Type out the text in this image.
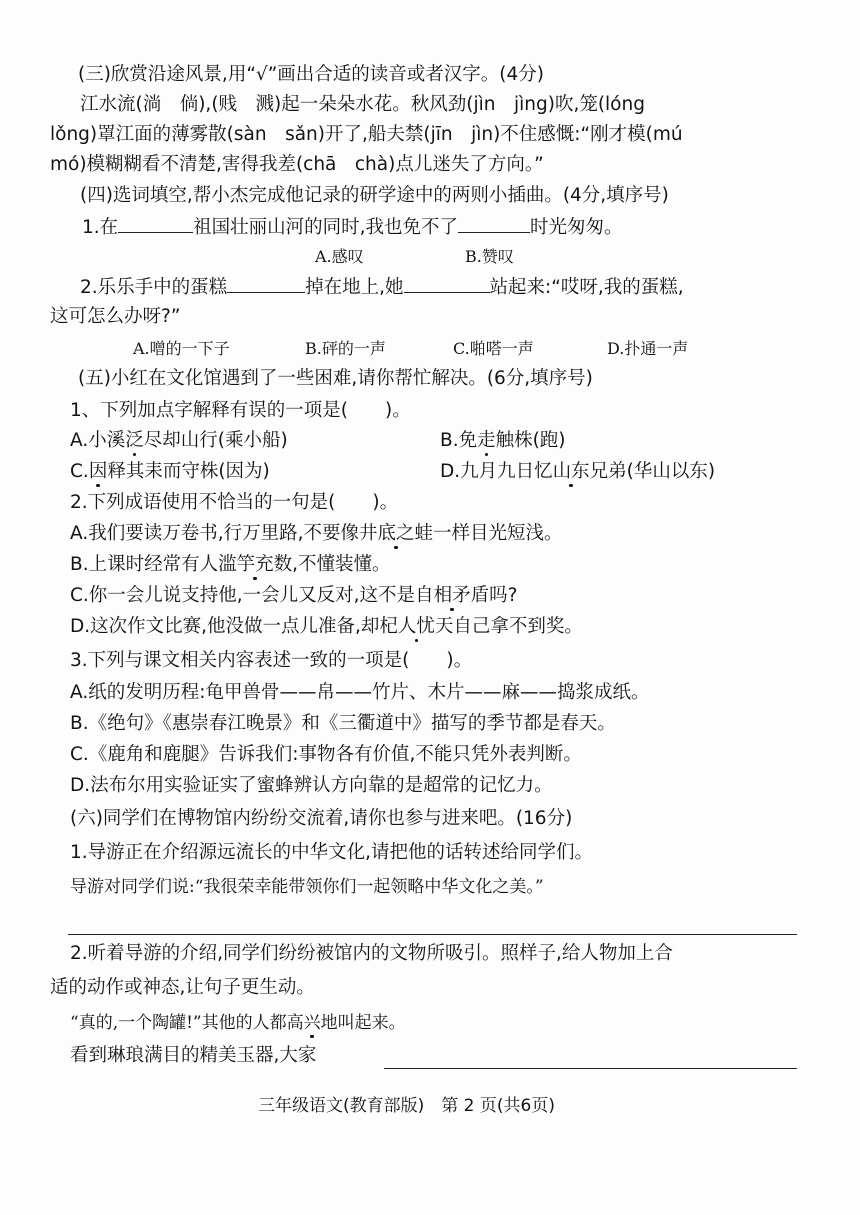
(三)欣赏沿途风景,用“√”画出合适的读音或者汉字。(4分)
江水流(淌　倘),(贱　溅)起一朵朵水花。秋风劲(jìn　jìng)吹,笼(lóng
lǒng)罩江面的薄雾散(sàn　sǎn)开了,船夫禁(jīn　jìn)不住感慨:“刚才模(mú
mó)模糊糊看不清楚,害得我差(chā　chà)点儿迷失了方向。”
(四)选词填空,帮小杰完成他记录的研学途中的两则小插曲。(4分,填序号)
1.在	祖国壮丽山河的同时,我也免不了	时光匆匆。
A.感叹	B.赞叹
2.乐乐手中的蛋糕	掉在地上,她	站起来:“哎呀,我的蛋糕,
这可怎么办呀?”
A.噌的一下子	B.砰的一声	C.啪嗒一声	D.扑通一声
(五)小红在文化馆遇到了一些困难,请你帮忙解决。(6分,填序号)
1、下列加点字解释有误的一项是(　　)。
A.小溪泛尽却山行(乘小船)	B.免走触株(跑)
C.因释其耒而守株(因为)	D.九月九日忆山东兄弟(华山以东)
2.下列成语使用不恰当的一句是(　　)。
A.我们要读万卷书,行万里路,不要像井底之蛙一样目光短浅。
B.上课时经常有人滥竽充数,不懂装懂。
C.你一会儿说支持他,一会儿又反对,这不是自相矛盾吗?
D.这次作文比赛,他没做一点儿准备,却杞人忧天自己拿不到奖。
3.下列与课文相关内容表述一致的一项是(　　)。
A.纸的发明历程:龟甲兽骨——帛——竹片、木片——麻——捣浆成纸。
B.《绝句》《惠崇春江晚景》和《三衢道中》描写的季节都是春天。
C.《鹿角和鹿腿》告诉我们:事物各有价值,不能只凭外表判断。
D.法布尔用实验证实了蜜蜂辨认方向靠的是超常的记忆力。
(六)同学们在博物馆内纷纷交流着,请你也参与进来吧。(16分)
1.导游正在介绍源远流长的中华文化,请把他的话转述给同学们。
导游对同学们说:“我很荣幸能带领你们一起领略中华文化之美。”
2.听着导游的介绍,同学们纷纷被馆内的文物所吸引。照样子,给人物加上合
适的动作或神态,让句子更生动。
“真的,一个陶罐!”其他的人都高兴地叫起来。
看到琳琅满目的精美玉器,大家
三年级语文(教育部版)　第 2 页(共6页)
